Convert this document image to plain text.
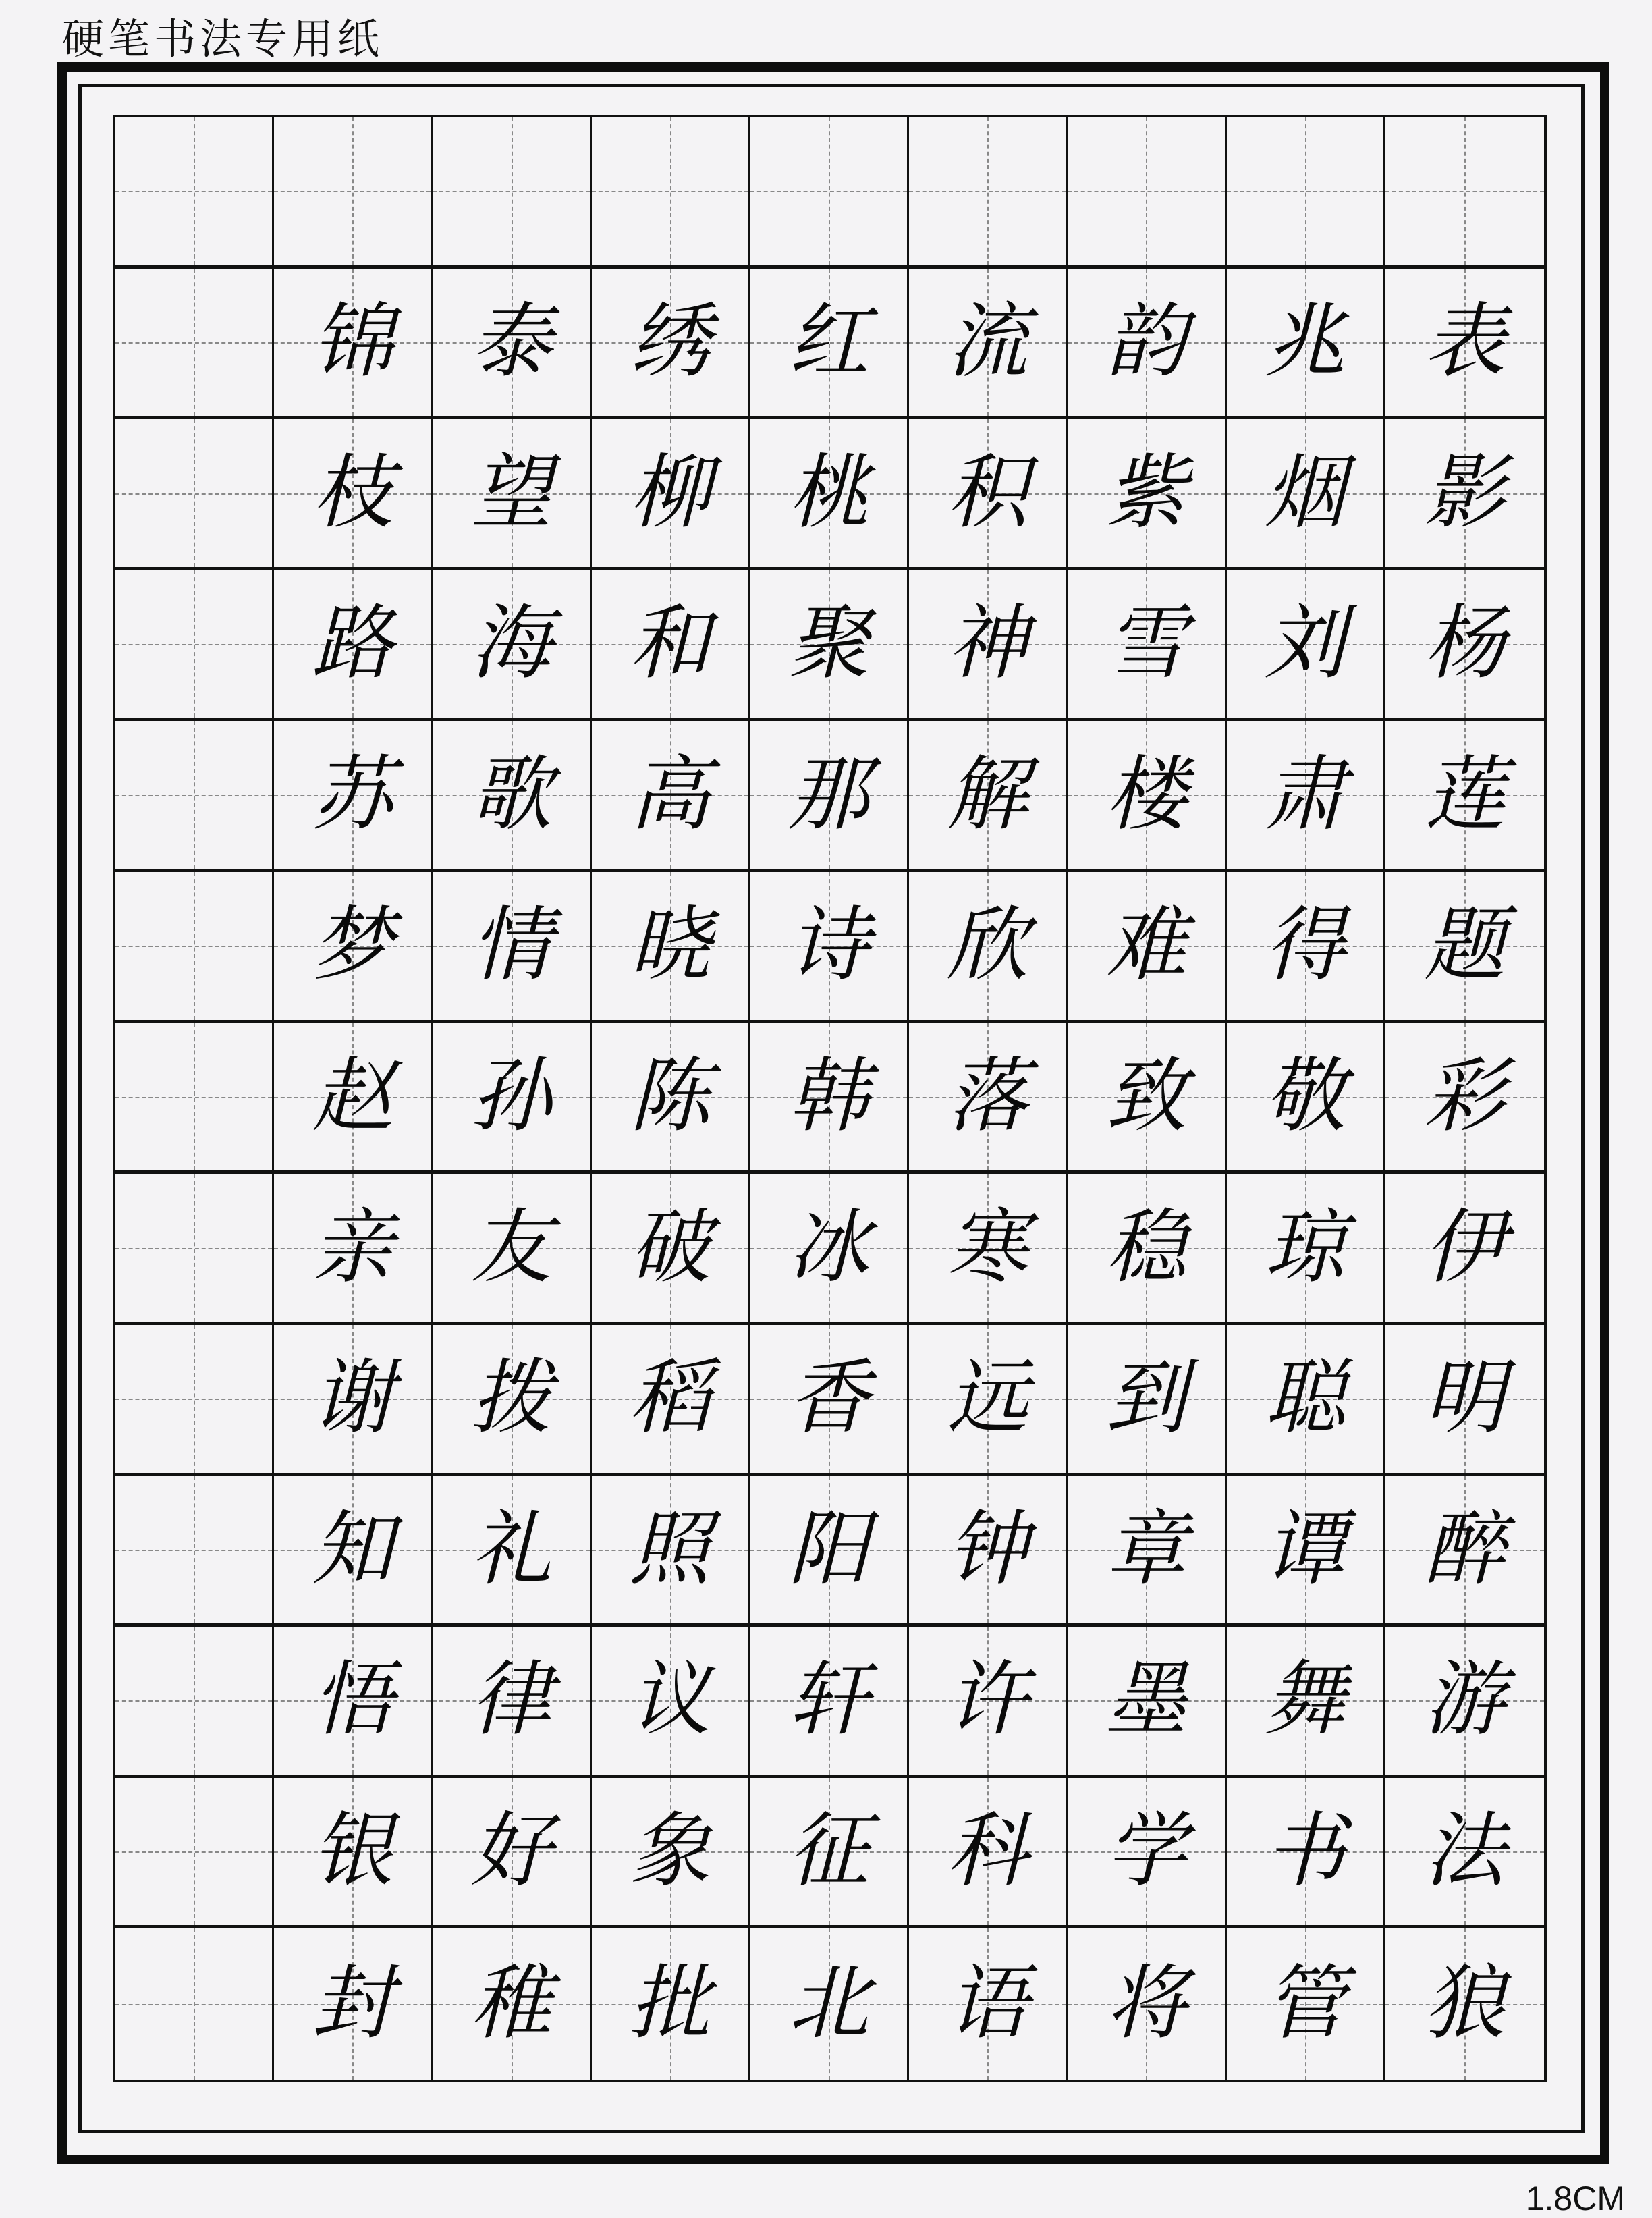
硬笔书法专用纸
锦 泰 绣 红 流 韵 兆 表
枝 望 柳 桃 积 紫 烟 影
路 海 和 聚 神 雪 刘 杨
苏 歌 高 那 解 楼 肃 莲
梦 情 晓 诗 欣 难 得 题
赵 孙 陈 韩 落 致 敬 彩
亲 友 破 冰 寒 稳 琼 伊
谢 拨 稻 香 远 到 聪 明
知 礼 照 阳 钟 章 谭 醉
悟 律 议 轩 许 墨 舞 游
银 好 象 征 科 学 书 法
封 稚 批 北 语 将 管 狼
1.8CM
